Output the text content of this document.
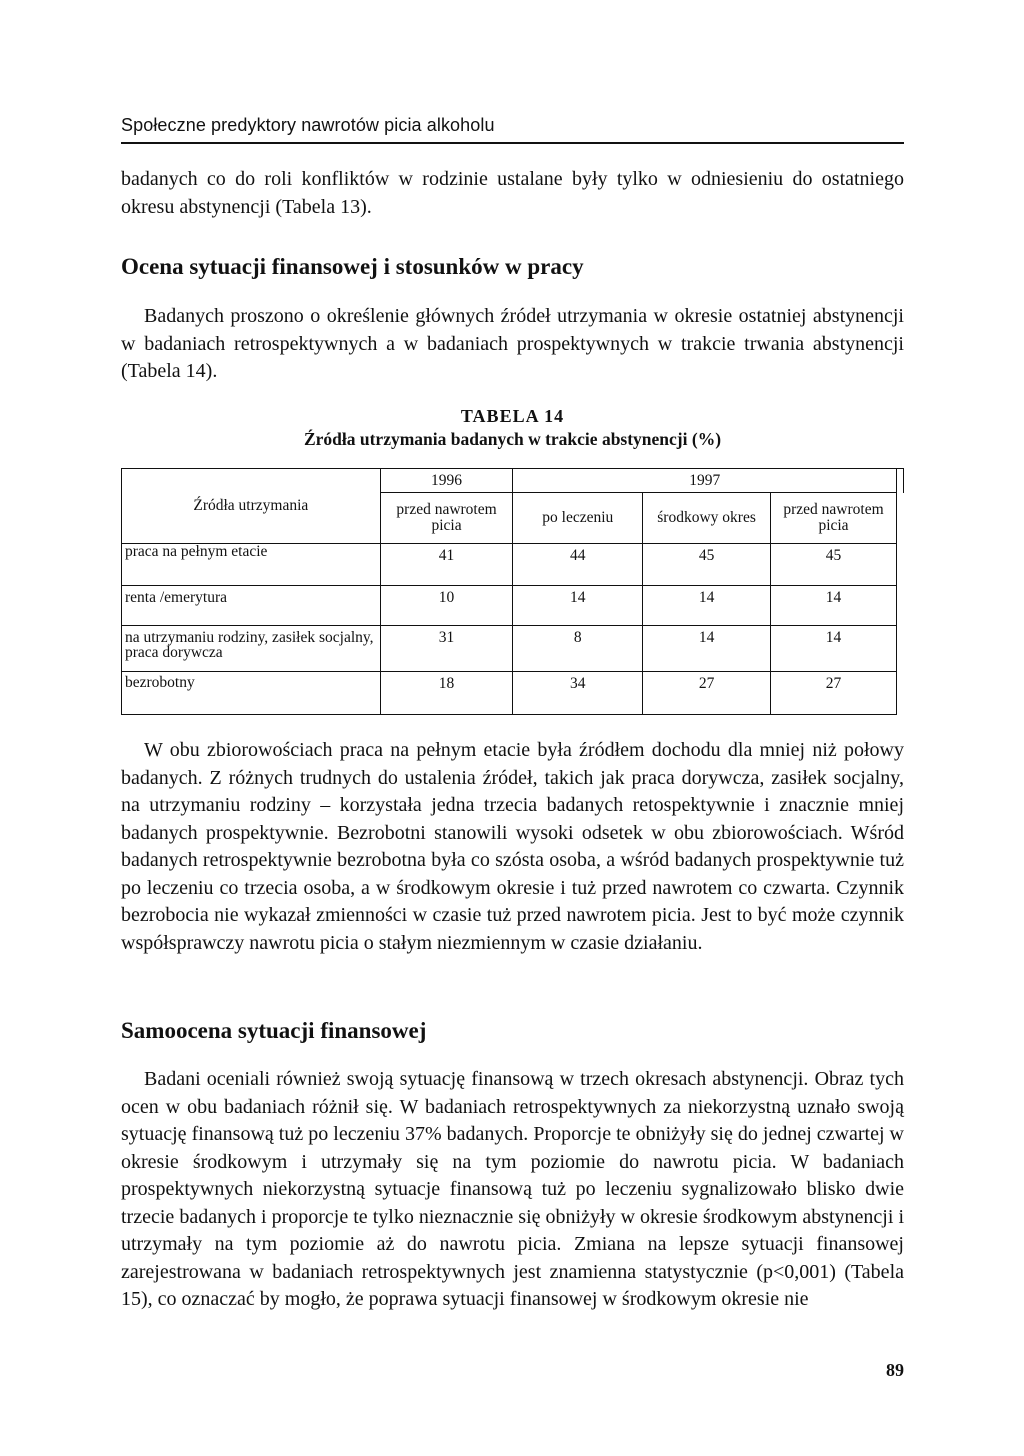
Społeczne predyktory nawrotów picia alkoholu

badanych co do roli konfliktów w rodzinie ustalane były tylko w odniesieniu do ostatniego okresu abstynencji (Tabela 13).

Ocena sytuacji finansowej i stosunków w pracy

Badanych proszono o określenie głównych źródeł utrzymania w okresie ostatniej abstynencji w badaniach retrospektywnych a w badaniach prospektywnych w trakcie trwania abstynencji (Tabela 14).

TABELA 14
Źródła utrzymania badanych w trakcie abstynencji (%)
Źródła utrzymania	1996	1997			
	przed nawrotem picia	po leczeniu	środkowy okres	przed nawrotem picia	
praca na pełnym etacie	41	44	45	45	
renta /emerytura	10	14	14	14	
na utrzymaniu rodziny, zasiłek socjalny, praca dorywcza	31	8	14	14	
bezrobotny	18	34	27	27	

W obu zbiorowościach praca na pełnym etacie była źródłem dochodu dla mniej niż połowy badanych. Z różnych trudnych do ustalenia źródeł, takich jak praca dorywcza, zasiłek socjalny, na utrzymaniu rodziny – korzystała jedna trzecia badanych retospektywnie i znacznie mniej badanych prospektywnie. Bezrobotni stanowili wysoki odsetek w obu zbiorowościach. Wśród badanych retrospektywnie bezrobotna była co szósta osoba, a wśród badanych prospektywnie tuż po leczeniu co trzecia osoba, a w środkowym okresie i tuż przed nawrotem co czwarta. Czynnik bezrobocia nie wykazał zmienności w czasie tuż przed nawrotem picia. Jest to być może czynnik współsprawczy nawrotu picia o stałym niezmiennym w czasie działaniu.

Samoocena sytuacji finansowej

Badani oceniali również swoją sytuację finansową w trzech okresach abstynencji. Obraz tych ocen w obu badaniach różnił się. W badaniach retrospektywnych za niekorzystną uznało swoją sytuację finansową tuż po leczeniu 37% badanych. Proporcje te obniżyły się do jednej czwartej w okresie środkowym i utrzymały się na tym poziomie do nawrotu picia. W badaniach prospektywnych niekorzystną sytuacje finansową tuż po leczeniu sygnalizowało blisko dwie trzecie badanych i proporcje te tylko nieznacznie się obniżyły w okresie środkowym abstynencji i utrzymały na tym poziomie aż do nawrotu picia. Zmiana na lepsze sytuacji finansowej zarejestrowana w badaniach retrospektywnych jest znamienna statystycznie (p<0,001) (Tabela 15), co oznaczać by mogło, że poprawa sytuacji finansowej w środkowym okresie nie

89
